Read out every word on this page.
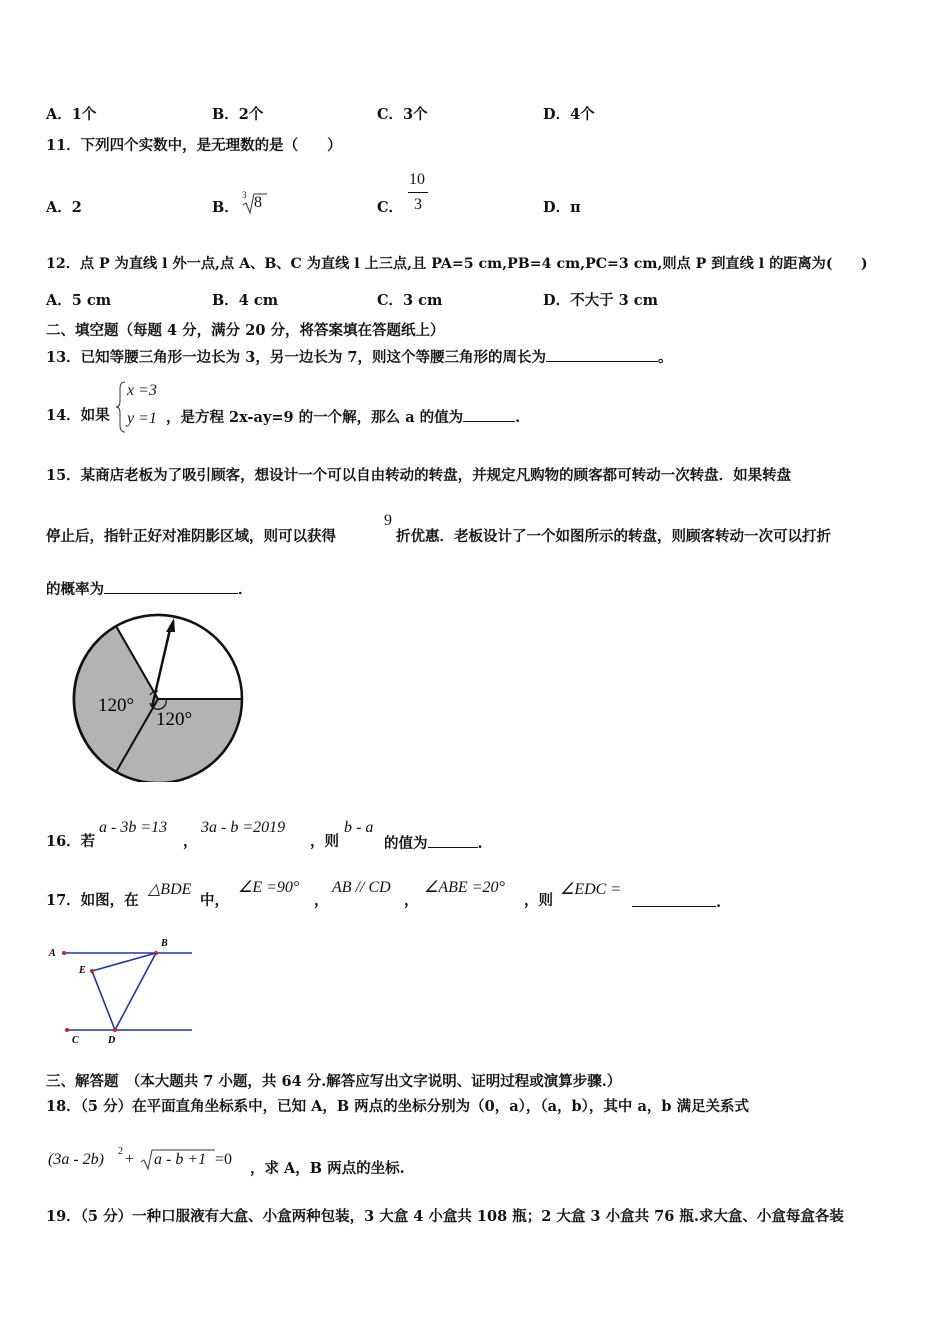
A．1个	B．2个	C．3个	D．4个
11．下列四个实数中，是无理数的是（　　）
A．2	B．
3 8	C．
10
3	D．π
12．点 P 为直线 l 外一点,点 A、B、C 为直线 l 上三点,且 PA=5 cm,PB=4 cm,PC=3 cm,则点 P 到直线 l 的距离为(　　)
A．5 cm	B．4 cm	C．3 cm	D．不大于 3 cm
二、填空题（每题 4 分，满分 20 分，将答案填在答题纸上）
13．已知等腰三角形一边长为 3，另一边长为 7，则这个等腰三角形的周长为	。
14．如果
x =3
y =1 ，是方程 2x-ay=9 的一个解，那么 a 的值为	.
15．某商店老板为了吸引顾客，想设计一个可以自由转动的转盘，并规定凡购物的顾客都可转动一次转盘．如果转盘
停止后，指针正好对准阴影区域，则可以获得
9
折优惠．老板设计了一个如图所示的转盘，则顾客转动一次可以打折
的概率为	．
120°
120°
16．若
a - 3b =13
，
3a - b =2019
，则
b - a
的值为	.
17．如图，在
△BDE
中，
∠E =90°
，
AB // CD
，
∠ABE =20°
，则
∠EDC =
.
A
B
E
C	D
三、解答题　（本大题共 7 小题，共 64 分.解答应写出文字说明、证明过程或演算步骤.）
18．（5 分）在平面直角坐标系中，已知 A，B 两点的坐标分别为（0，a），（a，b），其中 a，b 满足关系式
(3a - 2b) 2 + a - b +1 =0
，求 A，B 两点的坐标.
19．（5 分）一种口服液有大盒、小盒两种包装，3 大盒 4 小盒共 108 瓶；2 大盒 3 小盒共 76 瓶.求大盒、小盒每盒各装
